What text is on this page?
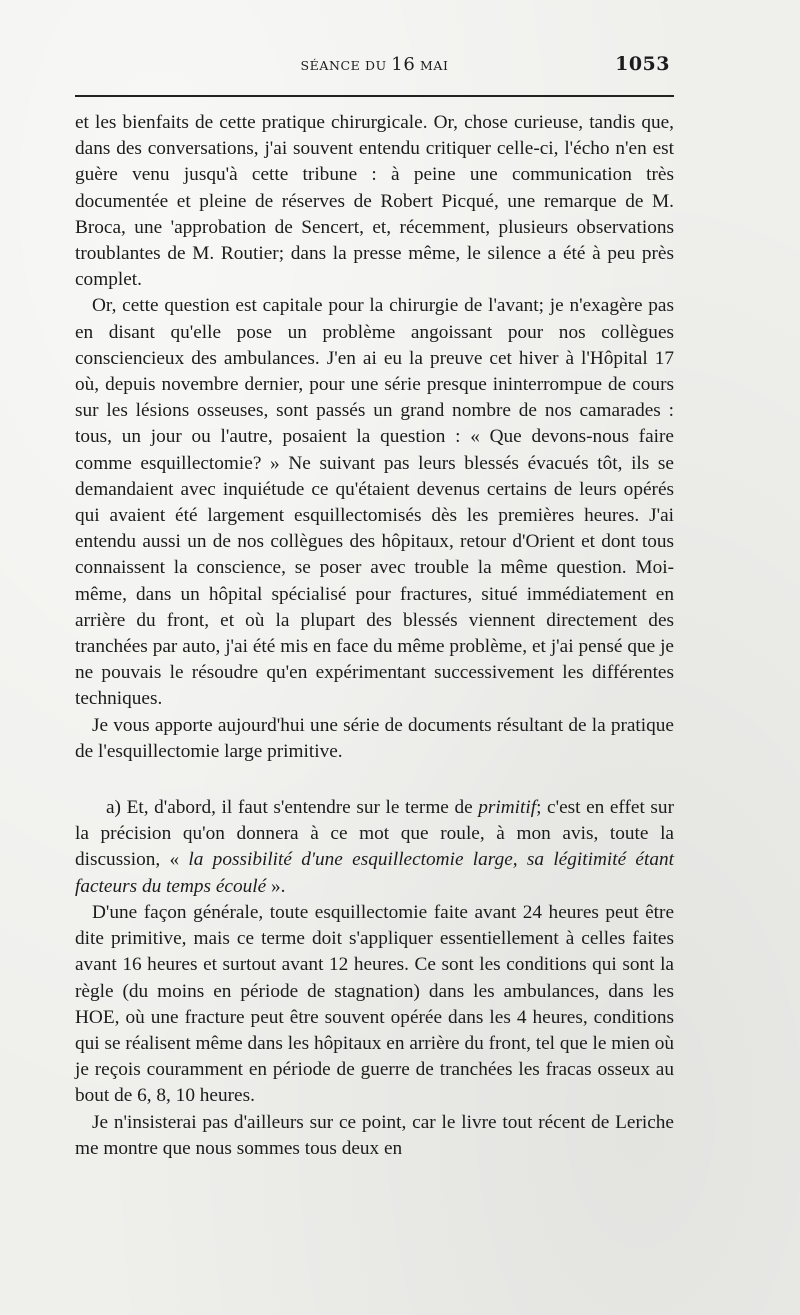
SÉANCE DU 16 MAI	1053

et les bienfaits de cette pratique chirurgicale. Or, chose curieuse, tandis que, dans des conversations, j'ai souvent entendu critiquer celle-ci, l'écho n'en est guère venu jusqu'à cette tribune : à peine une communication très documentée et pleine de réserves de Robert Picqué, une remarque de M. Broca, une 'approbation de Sencert, et, récemment, plusieurs observations troublantes de M. Routier; dans la presse même, le silence a été à peu près complet.

Or, cette question est capitale pour la chirurgie de l'avant; je n'exagère pas en disant qu'elle pose un problème angoissant pour nos collègues consciencieux des ambulances. J'en ai eu la preuve cet hiver à l'Hôpital 17 où, depuis novembre dernier, pour une série presque ininterrompue de cours sur les lésions osseuses, sont passés un grand nombre de nos camarades : tous, un jour ou l'autre, posaient la question : « Que devons-nous faire comme esquillectomie? » Ne suivant pas leurs blessés évacués tôt, ils se demandaient avec inquiétude ce qu'étaient devenus certains de leurs opérés qui avaient été largement esquillectomisés dès les premières heures. J'ai entendu aussi un de nos collègues des hôpitaux, retour d'Orient et dont tous connaissent la conscience, se poser avec trouble la même question. Moi-même, dans un hôpital spécialisé pour fractures, situé immédiatement en arrière du front, et où la plupart des blessés viennent directement des tranchées par auto, j'ai été mis en face du même problème, et j'ai pensé que je ne pouvais le résoudre qu'en expérimentant successivement les différentes techniques.

Je vous apporte aujourd'hui une série de documents résultant de la pratique de l'esquillectomie large primitive.

a) Et, d'abord, il faut s'entendre sur le terme de primitif; c'est en effet sur la précision qu'on donnera à ce mot que roule, à mon avis, toute la discussion, « la possibilité d'une esquillectomie large, sa légitimité étant facteurs du temps écoulé ».

D'une façon générale, toute esquillectomie faite avant 24 heures peut être dite primitive, mais ce terme doit s'appliquer essentiellement à celles faites avant 16 heures et surtout avant 12 heures. Ce sont les conditions qui sont la règle (du moins en période de stagnation) dans les ambulances, dans les HOE, où une fracture peut être souvent opérée dans les 4 heures, conditions qui se réalisent même dans les hôpitaux en arrière du front, tel que le mien où je reçois couramment en période de guerre de tranchées les fracas osseux au bout de 6, 8, 10 heures.

Je n'insisterai pas d'ailleurs sur ce point, car le livre tout récent de Leriche me montre que nous sommes tous deux en
